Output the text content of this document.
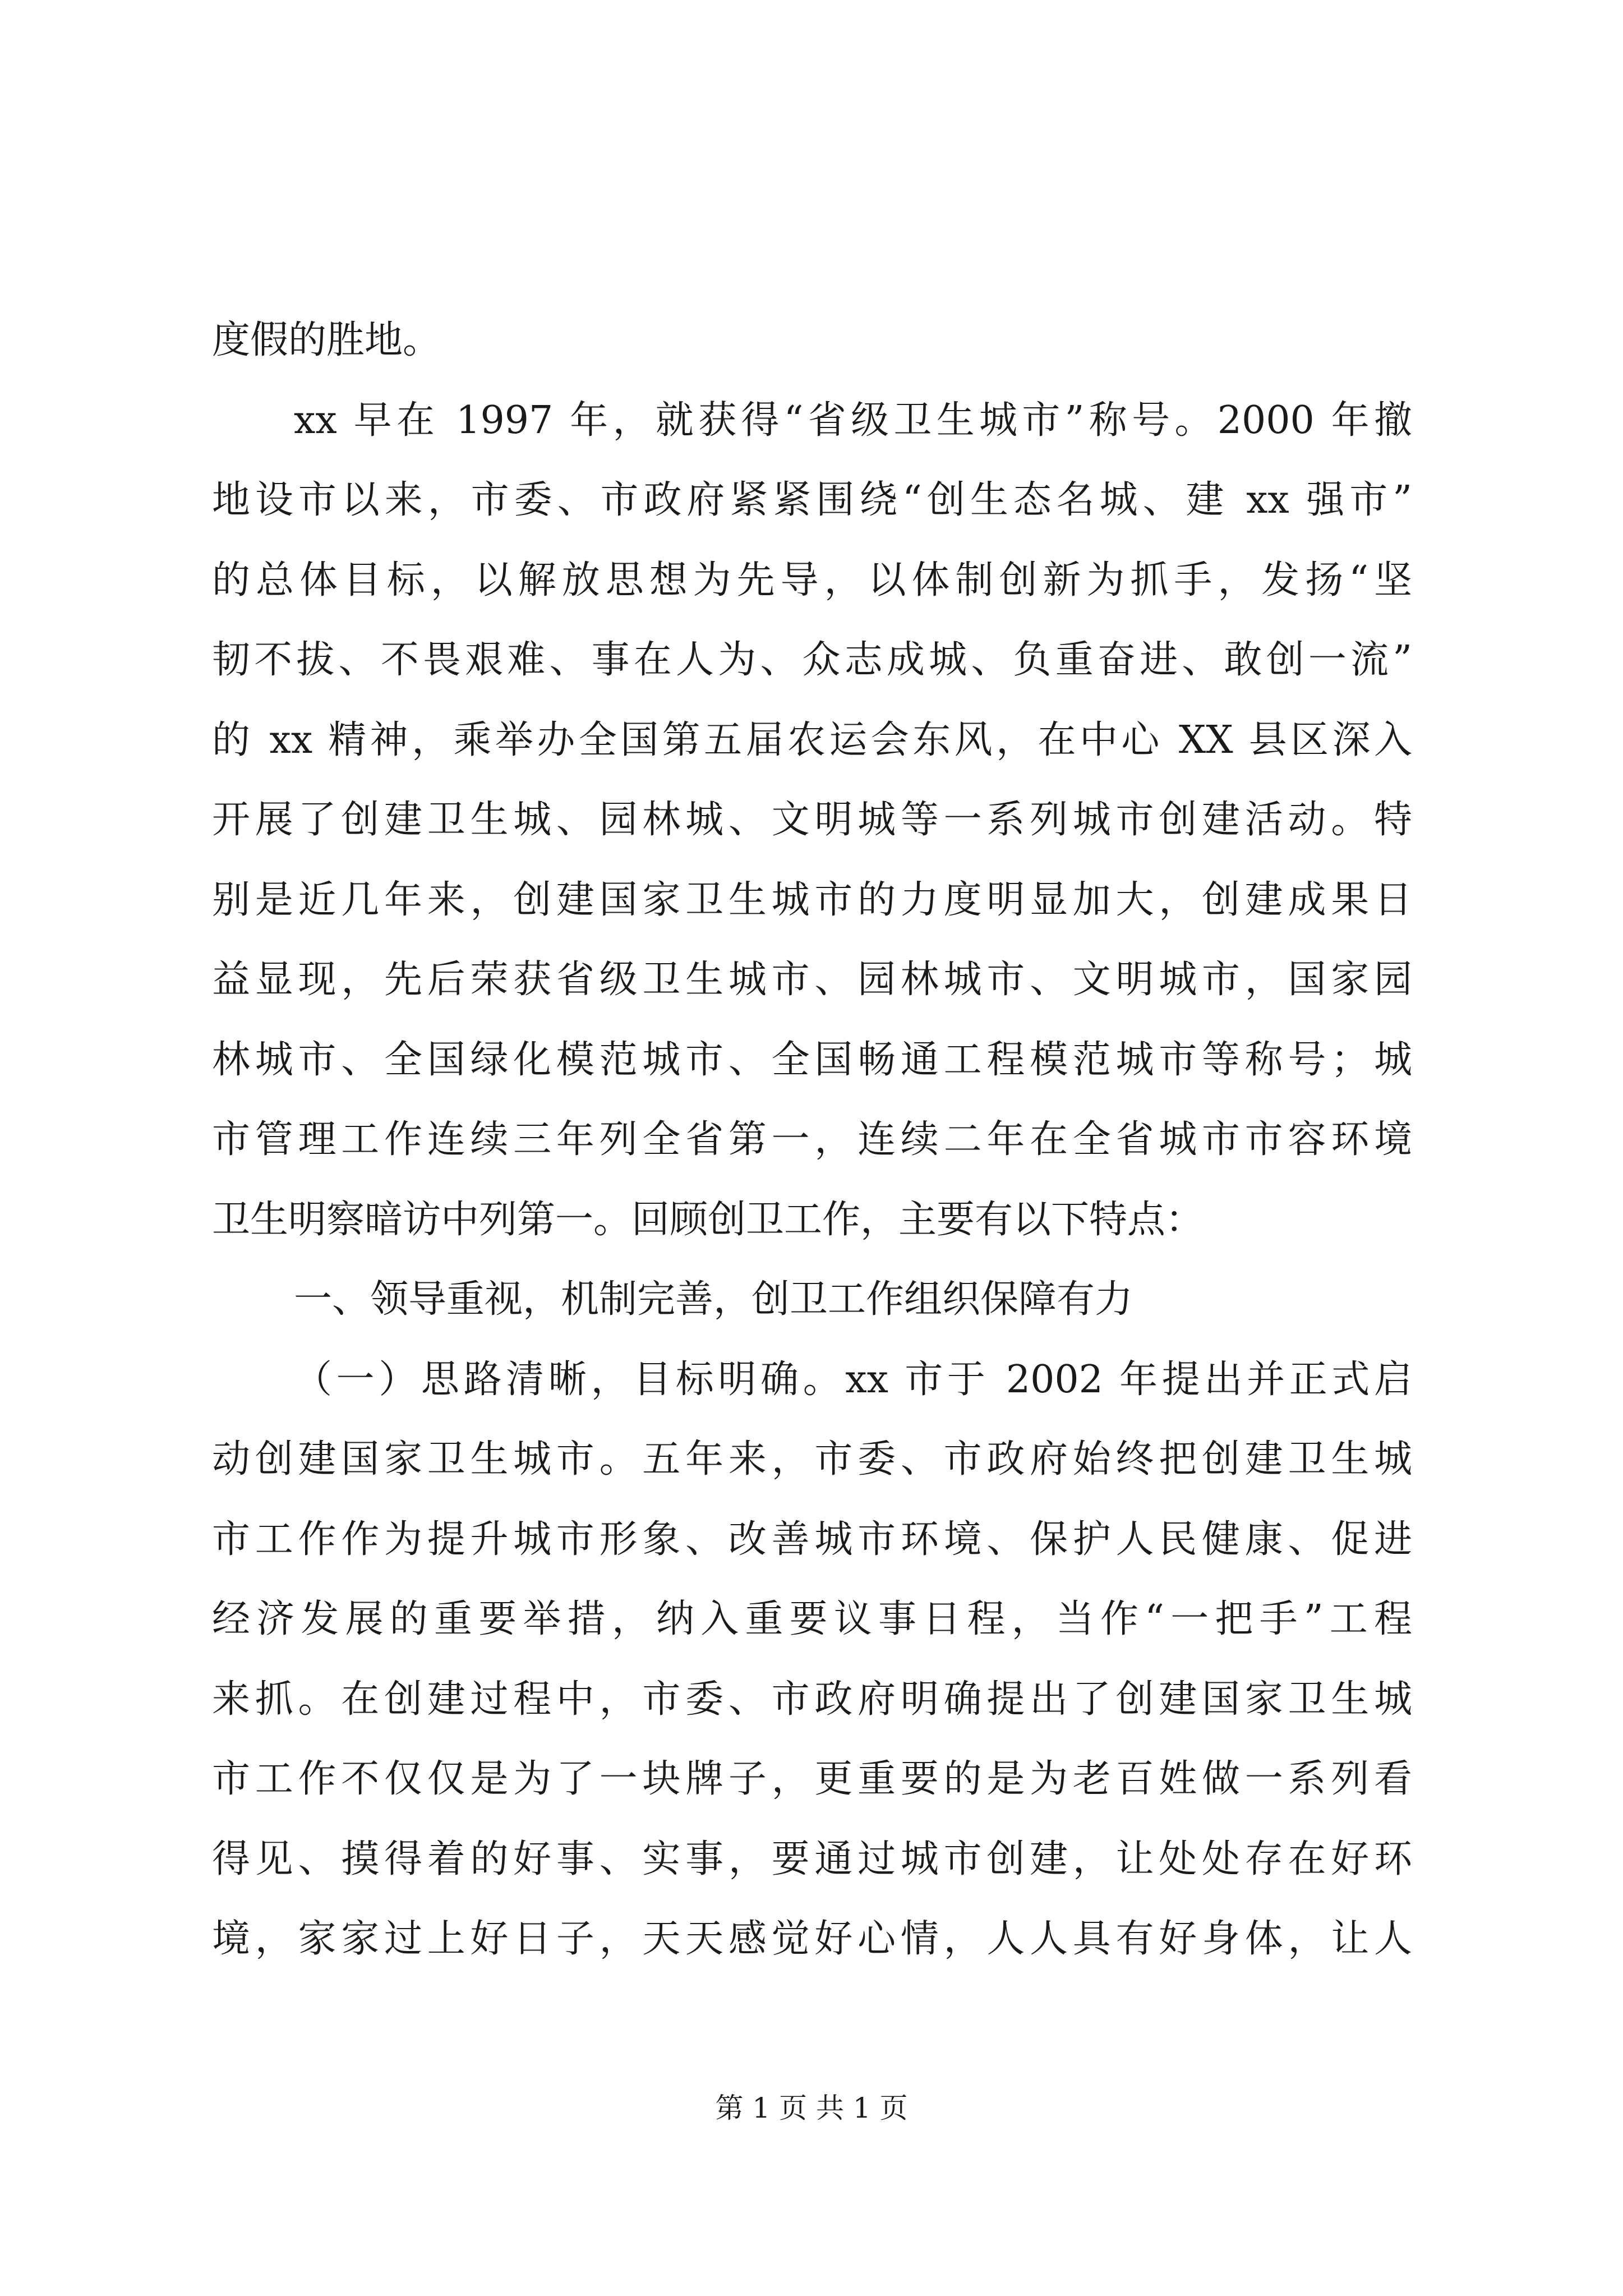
度假的胜地。
xx 早在 1997 年，就获得“省级卫生城市”称号。2000 年撤
地设市以来，市委、市政府紧紧围绕“创生态名城、建 xx 强市”
的总体目标，以解放思想为先导，以体制创新为抓手，发扬“坚
韧不拔、不畏艰难、事在人为、众志成城、负重奋进、敢创一流”
的 xx 精神，乘举办全国第五届农运会东风，在中心 XX 县区深入
开展了创建卫生城、园林城、文明城等一系列城市创建活动。特
别是近几年来，创建国家卫生城市的力度明显加大，创建成果日
益显现，先后荣获省级卫生城市、园林城市、文明城市，国家园
林城市、全国绿化模范城市、全国畅通工程模范城市等称号；城
市管理工作连续三年列全省第一，连续二年在全省城市市容环境
卫生明察暗访中列第一。回顾创卫工作，主要有以下特点：
一、领导重视，机制完善，创卫工作组织保障有力
（一）思路清晰，目标明确。xx 市于 2002 年提出并正式启
动创建国家卫生城市。五年来，市委、市政府始终把创建卫生城
市工作作为提升城市形象、改善城市环境、保护人民健康、促进
经济发展的重要举措，纳入重要议事日程，当作“一把手”工程
来抓。在创建过程中，市委、市政府明确提出了创建国家卫生城
市工作不仅仅是为了一块牌子，更重要的是为老百姓做一系列看
得见、摸得着的好事、实事，要通过城市创建，让处处存在好环
境，家家过上好日子，天天感觉好心情，人人具有好身体，让人
第 1 页 共 1 页
